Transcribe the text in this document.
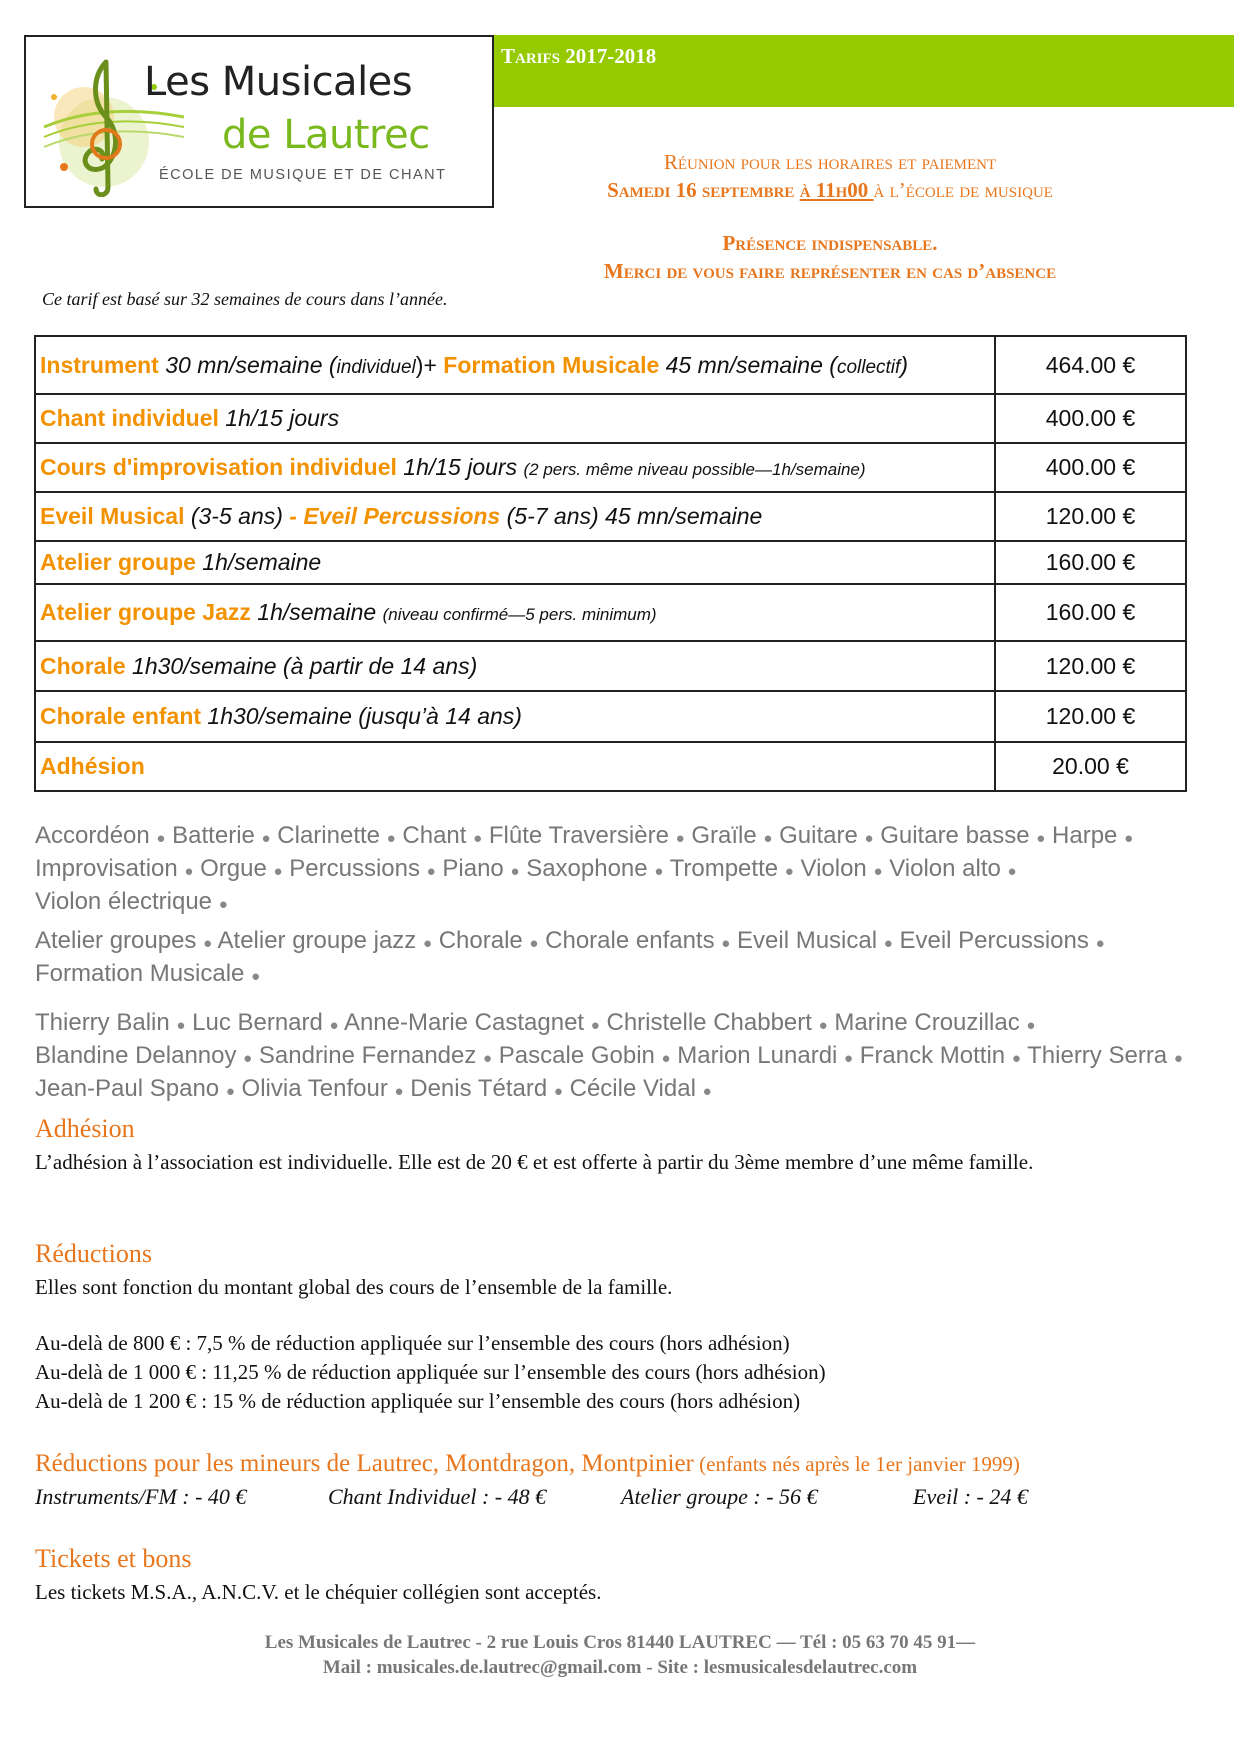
Les Musicales
de Lautrec
ÉCOLE DE MUSIQUE ET DE CHANT
Tarifs 2017-2018
Réunion pour les horaires et paiement
Samedi 16 septembre à 11h00 à l’école de musique
Présence indispensable.
Merci de vous faire représenter en cas d’absence
Ce tarif est basé sur 32 semaines de cours dans l’année.
Instrument 30 mn/semaine (individuel)+ Formation Musicale 45 mn/semaine (collectif)	464.00 €
Chant individuel 1h/15 jours	400.00 €
Cours d'improvisation individuel 1h/15 jours (2 pers. même niveau possible—1h/semaine)	400.00 €
Eveil Musical (3-5 ans) - Eveil Percussions (5-7 ans) 45 mn/semaine	120.00 €
Atelier groupe 1h/semaine	160.00 €
Atelier groupe Jazz 1h/semaine (niveau confirmé—5 pers. minimum)	160.00 €
Chorale 1h30/semaine (à partir de 14 ans)	120.00 €
Chorale enfant 1h30/semaine (jusqu’à 14 ans)	120.00 €
Adhésion	20.00 €
Accordéon ● Batterie ● Clarinette ● Chant ● Flûte Traversière ● Graïle ● Guitare ● Guitare basse ● Harpe ● Improvisation ● Orgue ● Percussions ● Piano ● Saxophone ● Trompette ● Violon ● Violon alto ● Violon électrique ●
Atelier groupes ● Atelier groupe jazz ● Chorale ● Chorale enfants ● Eveil Musical ● Eveil Percussions ● Formation Musicale ●
Thierry Balin ● Luc Bernard ● Anne-Marie Castagnet ● Christelle Chabbert ● Marine Crouzillac ● Blandine Delannoy ● Sandrine Fernandez ● Pascale Gobin ● Marion Lunardi ● Franck Mottin ● Thierry Serra ● Jean-Paul Spano ● Olivia Tenfour ● Denis Tétard ● Cécile Vidal ●
Adhésion
L’adhésion à l’association est individuelle. Elle est de 20 € et est offerte à partir du 3ème membre d’une même famille.
Réductions
Elles sont fonction du montant global des cours de l’ensemble de la famille.
Au-delà de 800 € : 7,5 % de réduction appliquée sur l’ensemble des cours (hors adhésion)
Au-delà de 1 000 € : 11,25 % de réduction appliquée sur l’ensemble des cours (hors adhésion)
Au-delà de 1 200 € : 15 % de réduction appliquée sur l’ensemble des cours (hors adhésion)
Réductions pour les mineurs de Lautrec, Montdragon, Montpinier (enfants nés après le 1er janvier 1999)
Instruments/FM : - 40 €	Chant Individuel : - 48 €	Atelier groupe : - 56 €	Eveil : - 24 €
Tickets et bons
Les tickets M.S.A., A.N.C.V. et le chéquier collégien sont acceptés.
Les Musicales de Lautrec - 2 rue Louis Cros 81440 LAUTREC — Tél : 05 63 70 45 91—
Mail : musicales.de.lautrec@gmail.com - Site : lesmusicalesdelautrec.com
